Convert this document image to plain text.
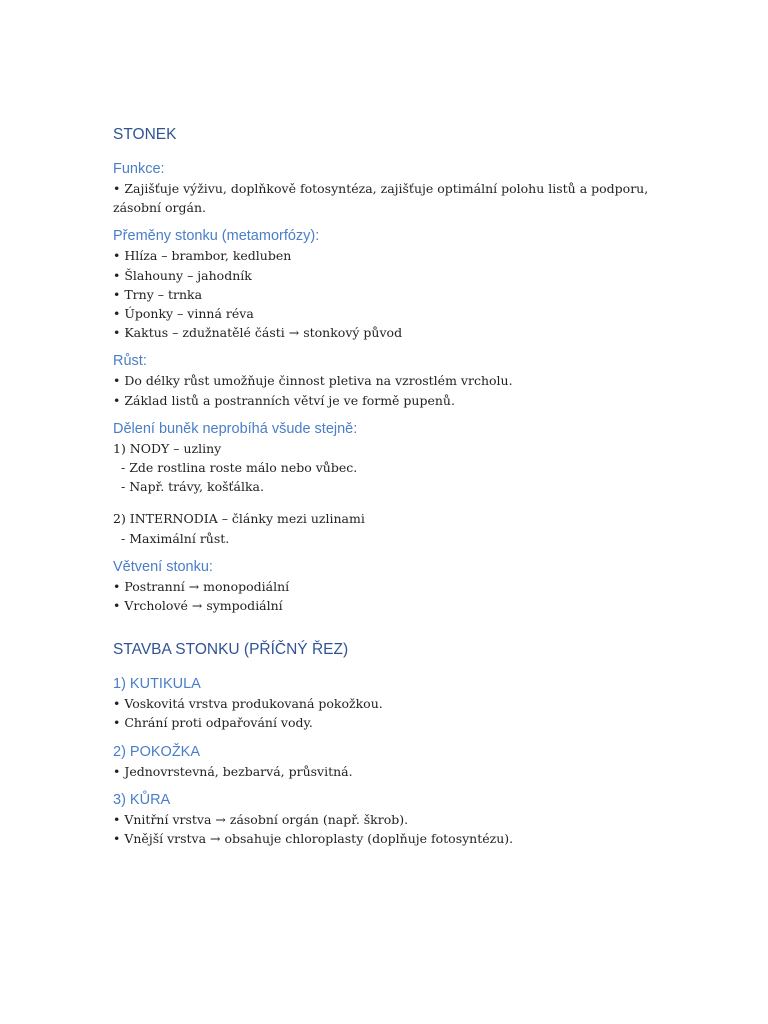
STONEK
Funkce:

• Zajišťuje výživu, doplňkově fotosyntéza, zajišťuje optimální polohu listů a podporu, zásobní orgán.

Přeměny stonku (metamorfózy):

• Hlíza – brambor, kedluben

• Šlahouny – jahodník

• Trny – trnka

• Úponky – vinná réva

• Kaktus – zdužnatělé části → stonkový původ

Růst:

• Do délky růst umožňuje činnost pletiva na vzrostlém vrcholu.

• Základ listů a postranních větví je ve formě pupenů.

Dělení buněk neprobíhá všude stejně:

1) NODY – uzliny

- Zde rostlina roste málo nebo vůbec.

- Např. trávy, košťálka.

2) INTERNODIA – články mezi uzlinami

- Maximální růst.

Větvení stonku:

• Postranní → monopodiální

• Vrcholové → sympodiální

STAVBA STONKU (PŘÍČNÝ ŘEZ)
1) KUTIKULA

• Voskovitá vrstva produkovaná pokožkou.

• Chrání proti odpařování vody.

2) POKOŽKA

• Jednovrstevná, bezbarvá, průsvitná.

3) KŮRA

• Vnitřní vrstva → zásobní orgán (např. škrob).

• Vnější vrstva → obsahuje chloroplasty (doplňuje fotosyntézu).
